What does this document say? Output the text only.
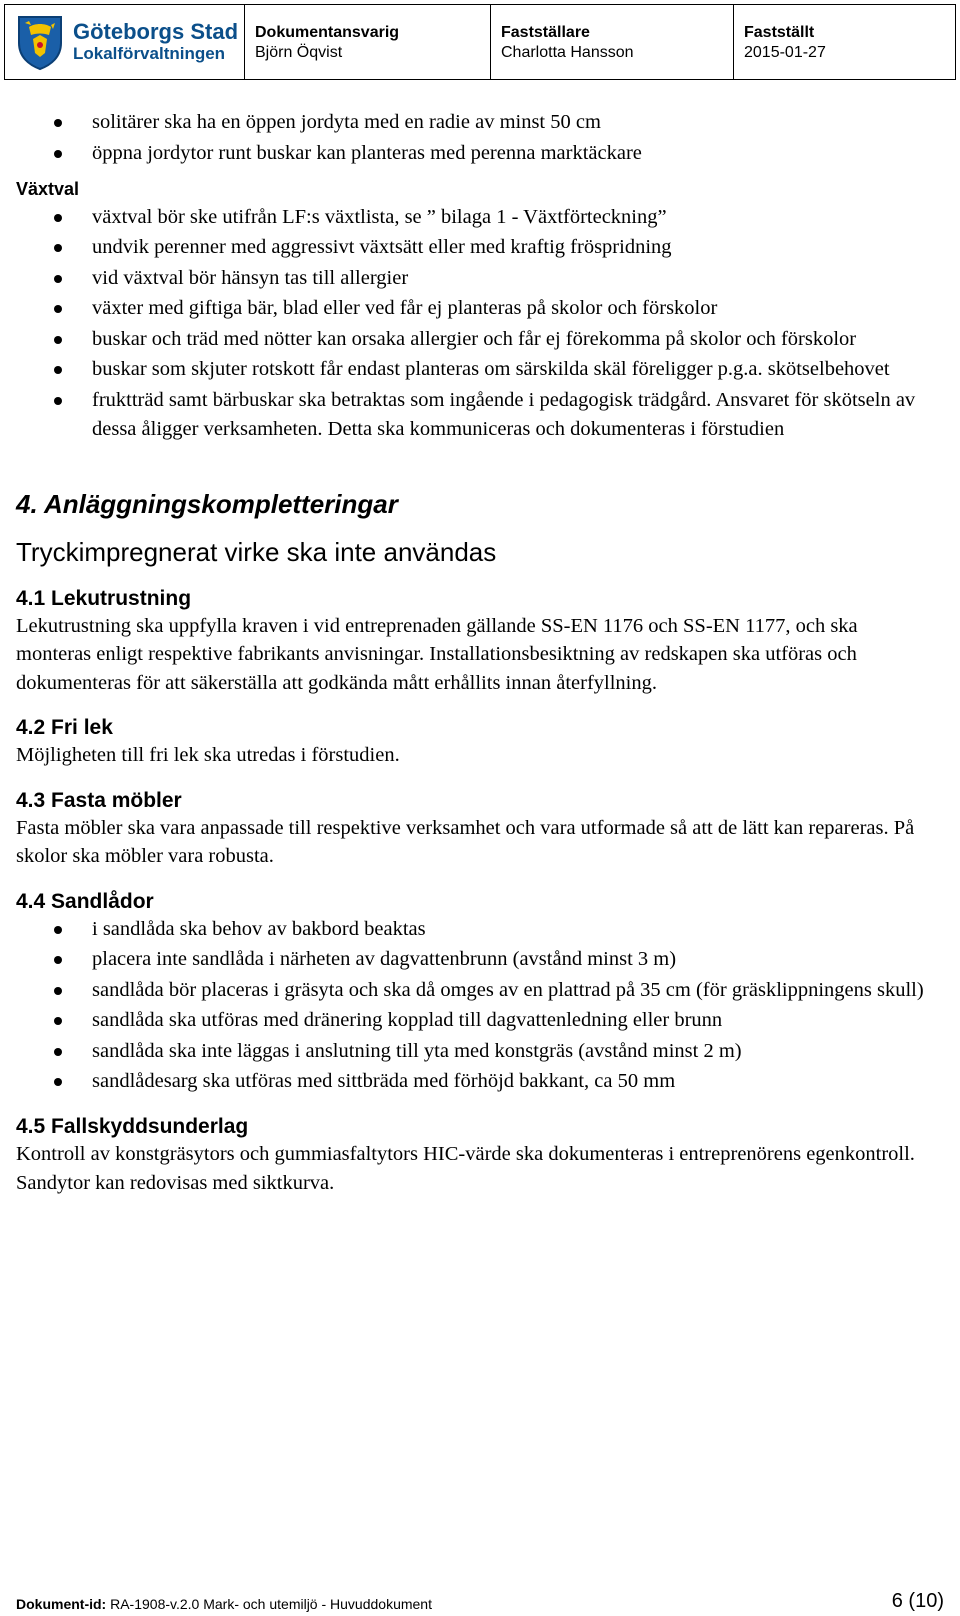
Göteborgs Stad
Lokalförvaltningen
Dokumentansvarig
Björn Öqvist
Fastställare
Charlotta Hansson
Fastställt
2015-01-27
solitärer ska ha en öppen jordyta med en radie av minst 50 cm
öppna jordytor runt buskar kan planteras med perenna marktäckare
Växtval
växtval bör ske utifrån LF:s växtlista, se ” bilaga 1 - Växtförteckning”
undvik perenner med aggressivt växtsätt eller med kraftig fröspridning
vid växtval bör hänsyn tas till allergier
växter med giftiga bär, blad eller ved får ej planteras på skolor och förskolor
buskar och träd med nötter kan orsaka allergier och får ej förekomma på skolor och förskolor
buskar som skjuter rotskott får endast planteras om särskilda skäl föreligger p.g.a. skötselbehovet
fruktträd samt bärbuskar ska betraktas som ingående i pedagogisk trädgård. Ansvaret för skötseln av dessa åligger verksamheten. Detta ska kommuniceras och dokumenteras i förstudien
4. Anläggningskompletteringar
Tryckimpregnerat virke ska inte användas
4.1 Lekutrustning
Lekutrustning ska uppfylla kraven i vid entreprenaden gällande SS-EN 1176 och SS-EN 1177, och ska monteras enligt respektive fabrikants anvisningar. Installationsbesiktning av redskapen ska utföras och dokumenteras för att säkerställa att godkända mått erhållits innan återfyllning.
4.2 Fri lek
Möjligheten till fri lek ska utredas i förstudien.
4.3 Fasta möbler
Fasta möbler ska vara anpassade till respektive verksamhet och vara utformade så att de lätt kan repareras. På skolor ska möbler vara robusta.
4.4 Sandlådor
i sandlåda ska behov av bakbord beaktas
placera inte sandlåda i närheten av dagvattenbrunn (avstånd minst 3 m)
sandlåda bör placeras i gräsyta och ska då omges av en plattrad på 35 cm (för gräsklippningens skull)
sandlåda ska utföras med dränering kopplad till dagvattenledning eller brunn
sandlåda ska inte läggas i anslutning till yta med konstgräs (avstånd minst 2 m)
sandlådesarg ska utföras med sittbräda med förhöjd bakkant, ca 50 mm
4.5 Fallskyddsunderlag
Kontroll av konstgräsytors och gummiasfaltytors HIC-värde ska dokumenteras i entreprenörens egenkontroll. Sandytor kan redovisas med siktkurva.
Dokument-id: RA-1908-v.2.0 Mark- och utemiljö - Huvuddokument	6 (10)
